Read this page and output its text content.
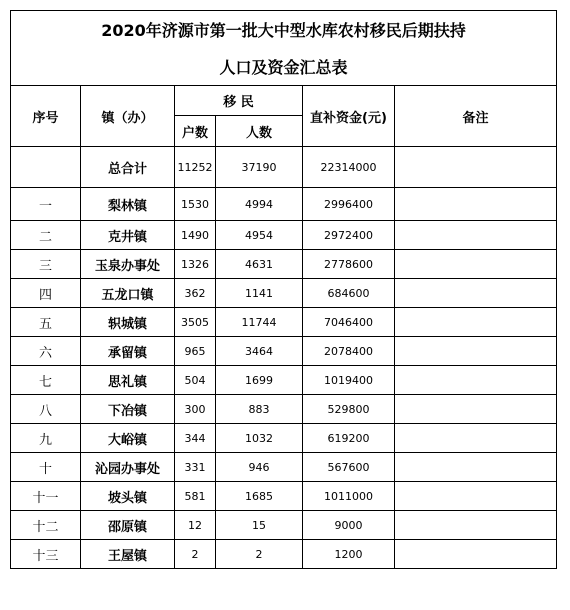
2020年济源市第一批大中型水库农村移民后期扶持
人口及资金汇总表					

序号	镇（办）	移 民		直补资金(元)	备注
		户数	人数		
	总合计	11252	37190	22314000	
一	梨林镇	1530	4994	2996400	
二	克井镇	1490	4954	2972400	
三	玉泉办事处	1326	4631	2778600	
四	五龙口镇	362	1141	684600	
五	轵城镇	3505	11744	7046400	
六	承留镇	965	3464	2078400	
七	思礼镇	504	1699	1019400	
八	下冶镇	300	883	529800	
九	大峪镇	344	1032	619200	
十	沁园办事处	331	946	567600	
十一	坡头镇	581	1685	1011000	
十二	邵原镇	12	15	9000	
十三	王屋镇	2	2	1200	
